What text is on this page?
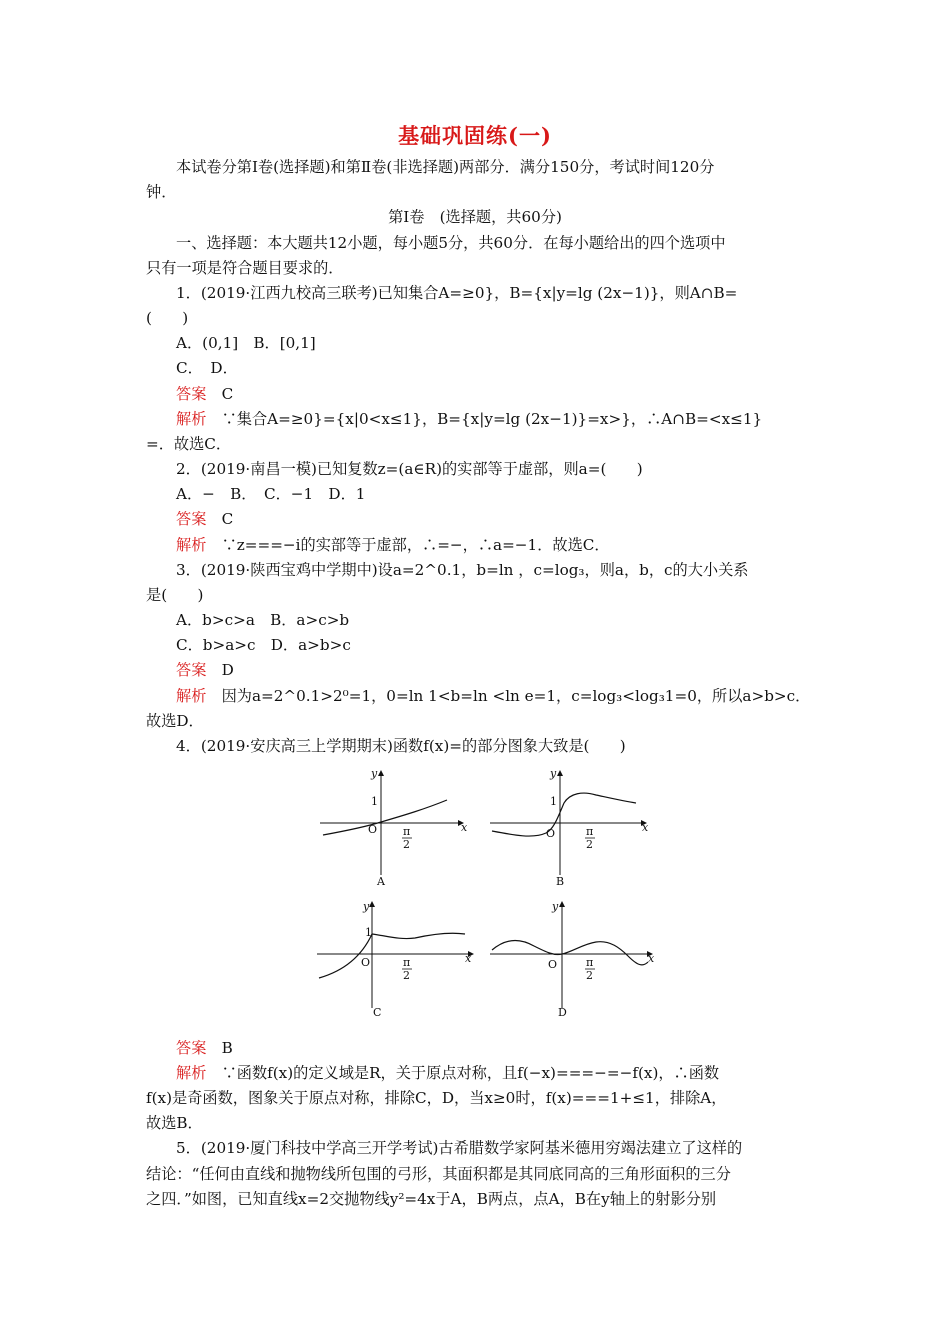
基础巩固练(一)
本试卷分第Ⅰ卷(选择题)和第Ⅱ卷(非选择题)两部分．满分150分，考试时间120分
钟．
第Ⅰ卷　(选择题，共60分)
一、选择题：本大题共12小题，每小题5分，共60分．在每小题给出的四个选项中
只有一项是符合题目要求的．
1．(2019·江西九校高三联考)已知集合A=≥0}，B={x|y=lg (2x−1)}，则A∩B=
(　　)
A．(0,1]　B．[0,1]
C．　D．
答案　 C
解析　 ∵集合A=≥0}={x|0<x≤1}，B={x|y=lg (2x−1)}=x>}，∴A∩B=<x≤1}
=．故选C．
2．(2019·南昌一模)已知复数z=(a∈R)的实部等于虚部，则a=(　　)
A．−　B．　C．−1　D．1
答案　 C
解析　 ∵z===−i的实部等于虚部，∴=−，∴a=−1．故选C．
3．(2019·陕西宝鸡中学期中)设a=2^0.1，b=ln ，c=log₃，则a，b，c的大小关系
是(　　)
A．b>c>a　B．a>c>b
C．b>a>c　D．a>b>c
答案　 D
解析　 因为a=2^0.1>2⁰=1，0=ln 1<b=ln <ln e=1，c=log₃<log₃1=0，所以a>b>c．
故选D．
4．(2019·安庆高三上学期期末)函数f(x)=的部分图象大致是(　　)
y
x
O
1
π
2
A
y
x
O
1
π
2
B
y
x
O
1
π
2
C
y
x
O	π
2
D
答案　 B
解析　 ∵函数f(x)的定义域是R，关于原点对称，且f(−x)===−=−f(x)，∴函数
f(x)是奇函数，图象关于原点对称，排除C，D，当x≥0时，f(x)===1+≤1，排除A，
故选B．
5．(2019·厦门科技中学高三开学考试)古希腊数学家阿基米德用穷竭法建立了这样的
结论：“任何由直线和抛物线所包围的弓形，其面积都是其同底同高的三角形面积的三分
之四．”如图，已知直线x=2交抛物线y²=4x于A，B两点，点A，B在y轴上的射影分别
